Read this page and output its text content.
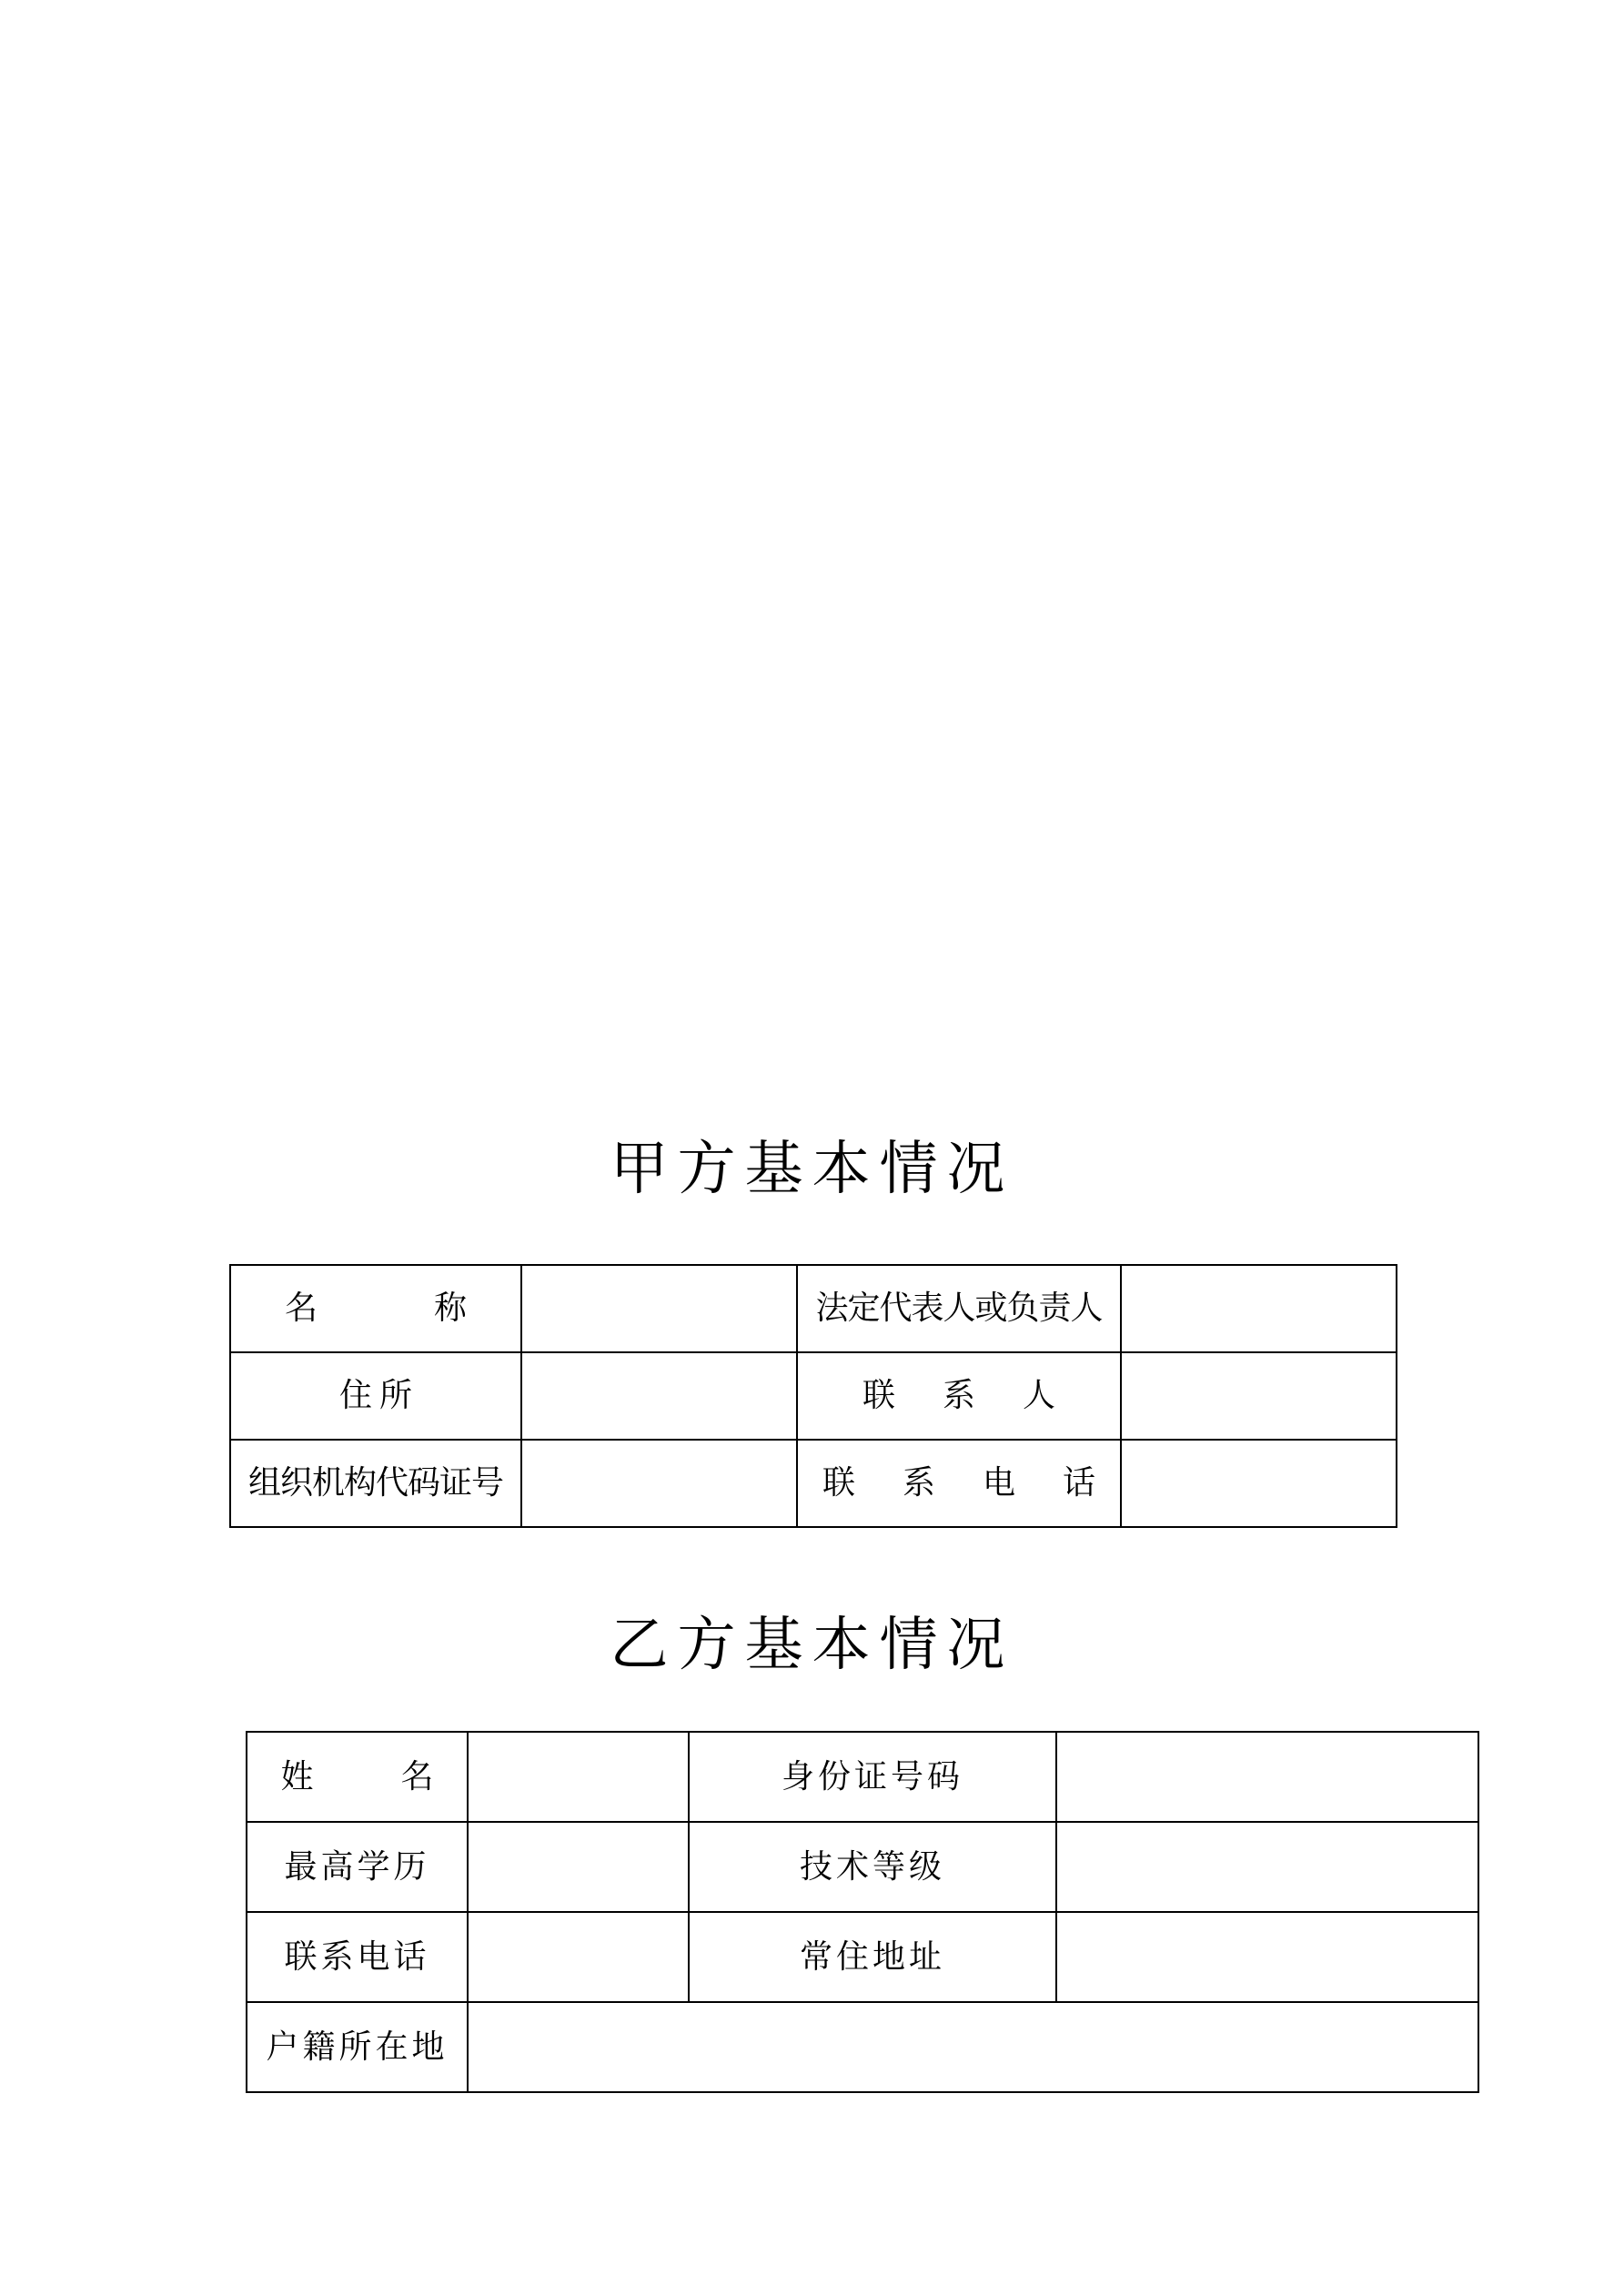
甲方基本情况
名　称		法定代表人或负责人	
住所		联　系　人	
组织机构代码证号		联　系　电　话	
乙方基本情况
姓　名		身份证号码	
最高学历		技术等级	
联系电话		常住地址	
户籍所在地			
